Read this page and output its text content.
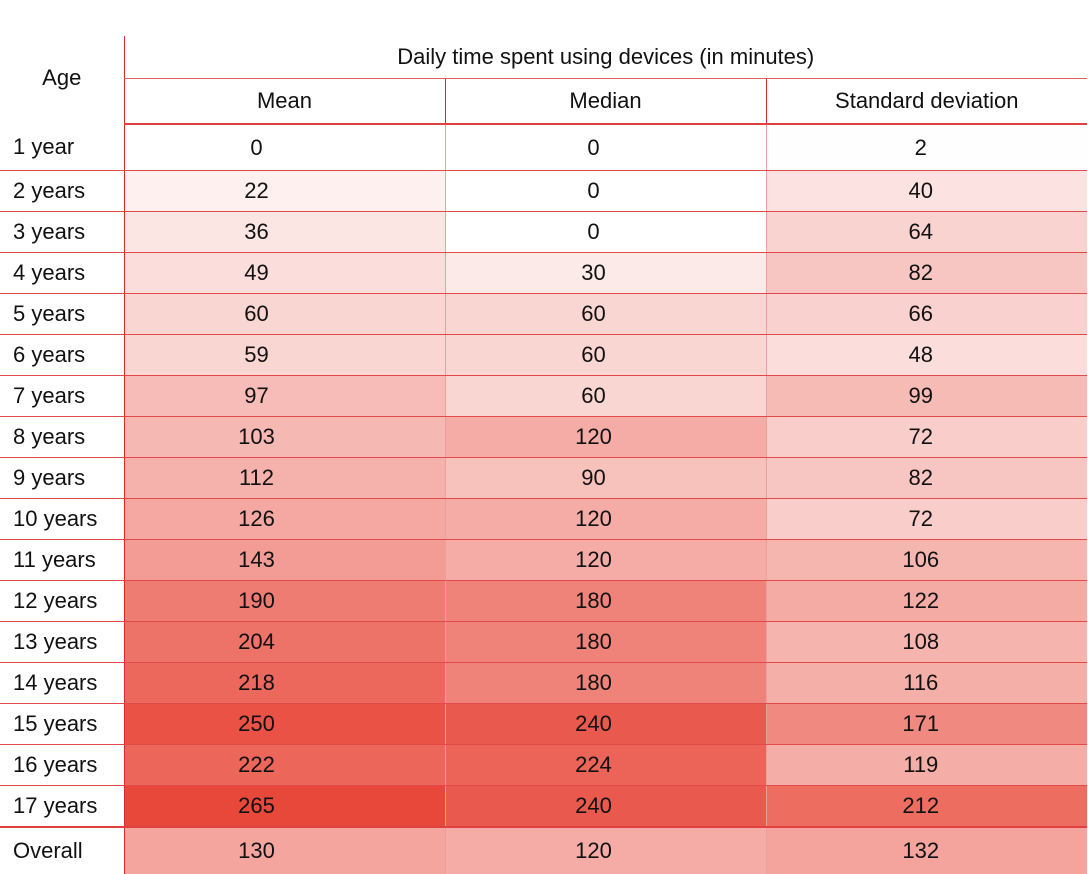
Age	Daily time spent using devices (in minutes)		
	Mean	Median	Standard deviation
1 year	0	0	2
2 years	22	0	40
3 years	36	0	64
4 years	49	30	82
5 years	60	60	66
6 years	59	60	48
7 years	97	60	99
8 years	103	120	72
9 years	112	90	82
10 years	126	120	72
11 years	143	120	106
12 years	190	180	122
13 years	204	180	108
14 years	218	180	116
15 years	250	240	171
16 years	222	224	119
17 years	265	240	212
Overall	130	120	132
